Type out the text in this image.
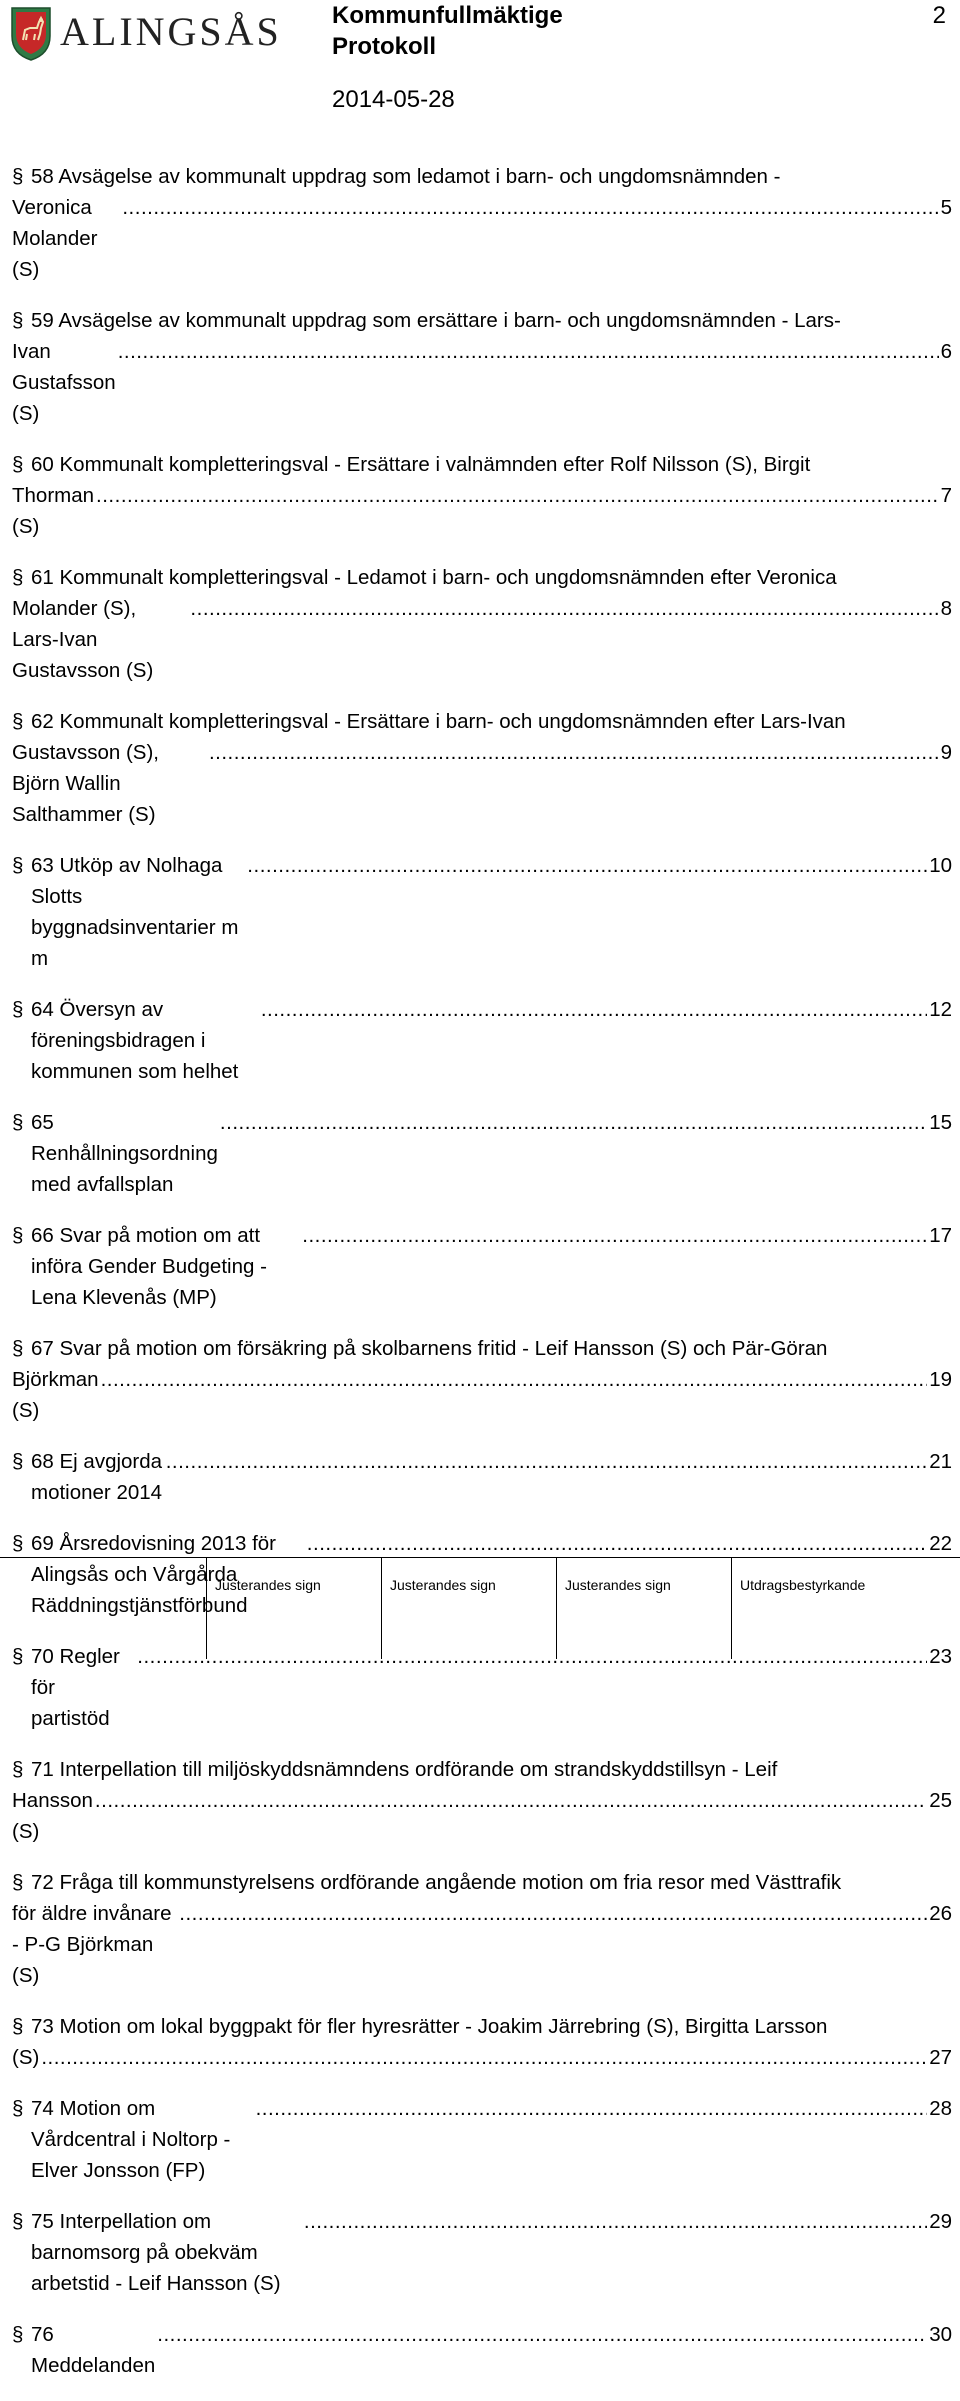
ALINGSÅS Kommunfullmäktige
Protokoll
2
2014-05-28
§ 58 Avsägelse av kommunalt uppdrag som ledamot i barn- och ungdomsnämnden -
Veronica Molander (S)
.....
5
§ 59 Avsägelse av kommunalt uppdrag som ersättare i barn- och ungdomsnämnden - Lars-
Ivan Gustafsson (S)
.....
6
§ 60 Kommunalt kompletteringsval - Ersättare i valnämnden efter Rolf Nilsson (S), Birgit
Thorman (S)
.....
7
§ 61 Kommunalt kompletteringsval - Ledamot i barn- och ungdomsnämnden efter Veronica
Molander (S), Lars-Ivan Gustavsson (S)
.....
8
§ 62 Kommunalt kompletteringsval - Ersättare i barn- och ungdomsnämnden efter Lars-Ivan
Gustavsson (S), Björn Wallin Salthammer (S)
.....
9
§ 63 Utköp av Nolhaga Slotts byggnadsinventarier m m
.....
10
§ 64 Översyn av föreningsbidragen i kommunen som helhet
.....
12
§ 65 Renhållningsordning med avfallsplan
.....
15
§ 66 Svar på motion om att införa Gender Budgeting - Lena Klevenås (MP)
.....
17
§ 67 Svar på motion om försäkring på skolbarnens fritid - Leif Hansson (S) och Pär-Göran
Björkman (S)
.....
19
§ 68 Ej avgjorda motioner 2014
.....
21
§ 69 Årsredovisning 2013 för Alingsås och Vårgårda Räddningstjänstförbund
.....
22
§ 70 Regler för partistöd
.....
23
§ 71 Interpellation till miljöskyddsnämndens ordförande om strandskyddstillsyn - Leif
Hansson (S)
.....
25
§ 72 Fråga till kommunstyrelsens ordförande angående motion om fria resor med Västtrafik
för äldre invånare - P-G Björkman (S)
.....
26
§ 73 Motion om lokal byggpakt för fler hyresrätter - Joakim Järrebring (S), Birgitta Larsson
(S)
.....	27
§ 74 Motion om Vårdcentral i Noltorp - Elver Jonsson (FP)
.....
28
§ 75 Interpellation om barnomsorg på obekväm arbetstid - Leif Hansson (S)
.....
29
§ 76 Meddelanden
.....
30
Justerandes sign	Justerandes sign	Justerandes sign	Utdragsbestyrkande
